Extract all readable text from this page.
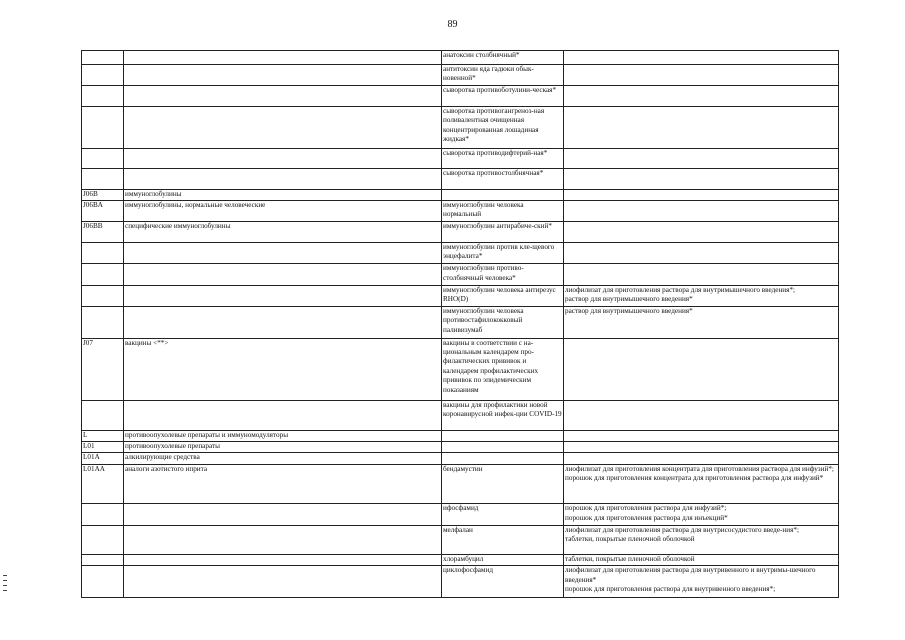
89
		анатоксин столбнячный*	
		антитоксин яда гадюки обык-новенной*	
		сыворотка противоботулини-ческая*	
		сыворотка противогангреноз-ная поливалентная очищенная концентрированная лошадиная жидкая*	
		сыворотка противодифтерий-ная*	
		сыворотка противостолбнячная*	
J06B	иммуноглобулины		
J06BA	иммуноглобулины, нормальные человеческие	иммуноглобулин человека нормальный	
J06BB	специфические иммуноглобулины	иммуноглобулин антирабиче-ский*	
		иммуноглобулин против кле-щевого энцефалита*	
		иммуноглобулин противо-столбнячный человека*	
		иммуноглобулин человека антирезус RHO(D)	лиофилизат для приготовления раствора для внутримышечного введения*;
раствор для внутримышечного введения*

		иммуноглобулин человека противостафилококковый паливизумаб	раствор для внутримышечного введения*

J07	вакцины <**>	вакцины в соответствии с на-циональным календарем про-филактических прививок и календарем профилактических прививок по эпидемическим показаниям	
		вакцины для профилактики новой коронавирусной инфек-ции COVID-19	
L	противоопухолевые препараты и иммуномодуляторы		
L01	противоопухолевые препараты		
L01A	алкилирующие средства		
L01AA	аналоги азотистого иприта	бендамустин	лиофилизат для приготовления концентрата для приготовления раствора для инфузий*;
порошок для приготовления концентрата для приготовления раствора для инфузий*

		ифосфамид	порошок для приготовления раствора для инфузий*;
порошок для приготовления раствора для инъекций*

		мелфалан	лиофилизат для приготовления раствора для внутрисосудистого введе-ния*;
таблетки, покрытые пленочной оболочкой

		хлорамбуцил	таблетки, покрытые пленочной оболочкой

		циклофосфамид	лиофилизат для приготовления раствора для внутривенного и внутримы-шечного введения*
порошок для приготовления раствора для внутривенного введения*;
